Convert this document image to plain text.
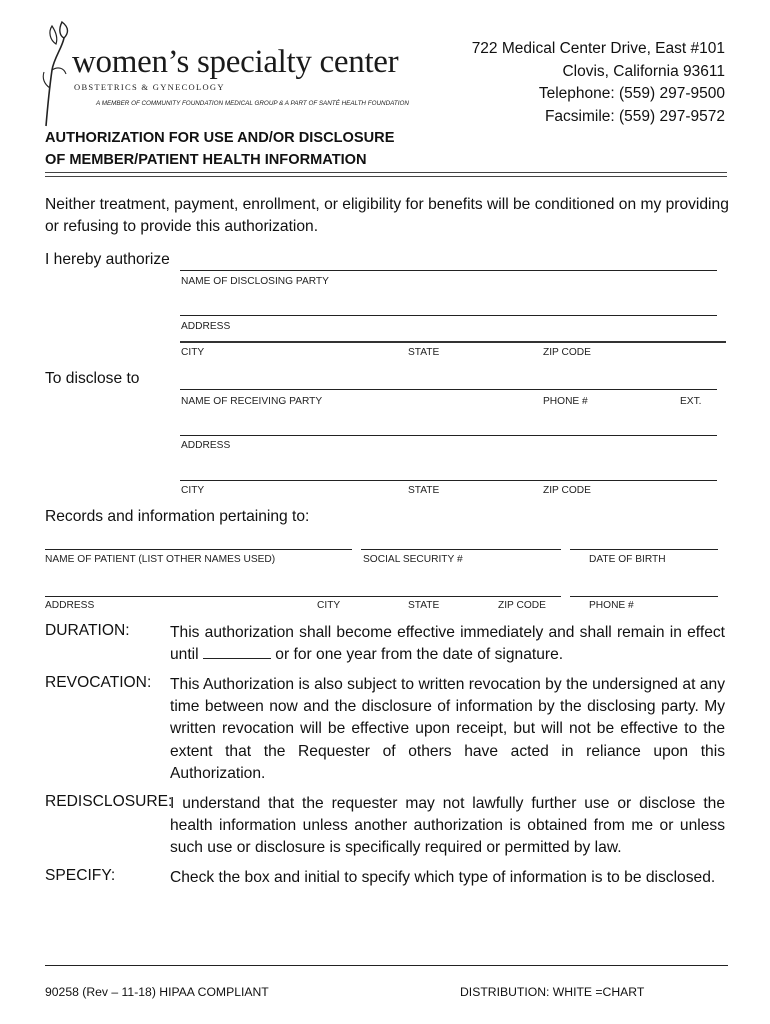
women’s specialty center
OBSTETRICS & GYNECOLOGY
A MEMBER OF COMMUNITY FOUNDATION MEDICAL GROUP & A PART OF SANTÉ HEALTH FOUNDATION
722 Medical Center Drive, East #101
Clovis, California 93611
Telephone: (559) 297-9500
Facsimile: (559) 297-9572
AUTHORIZATION FOR USE AND/OR DISCLOSURE
OF MEMBER/PATIENT HEALTH INFORMATION
Neither treatment, payment, enrollment, or eligibility for benefits will be conditioned on my providing or refusing to provide this authorization.
I hereby authorize
NAME OF DISCLOSING PARTY
ADDRESS
CITY	STATE	ZIP CODE
To disclose to
NAME OF RECEIVING PARTY	PHONE #	EXT.
ADDRESS
CITY	STATE	ZIP CODE
Records and information pertaining to:
NAME OF PATIENT (LIST OTHER NAMES USED)	SOCIAL SECURITY #	DATE OF BIRTH
ADDRESS	CITY	STATE	ZIP CODE	PHONE #
DURATION:	This authorization shall become effective immediately and shall remain in effect until	or for one year from the date of signature.
REVOCATION: This Authorization is also subject to written revocation by the undersigned at any time between now and the disclosure of information by the disclosing party. My written revocation will be effective upon receipt, but will not be effective to the extent that the Requester of others have acted in reliance upon this Authorization.
REDISCLOSURE:
I understand that the requester may not lawfully further use or disclose the health information unless another authorization is obtained from me or unless such use or disclosure is specifically required or permitted by law.
SPECIFY:	Check the box and initial to specify which type of information is to be disclosed.
90258 (Rev – 11-18) HIPAA COMPLIANT	DISTRIBUTION: WHITE =CHART
